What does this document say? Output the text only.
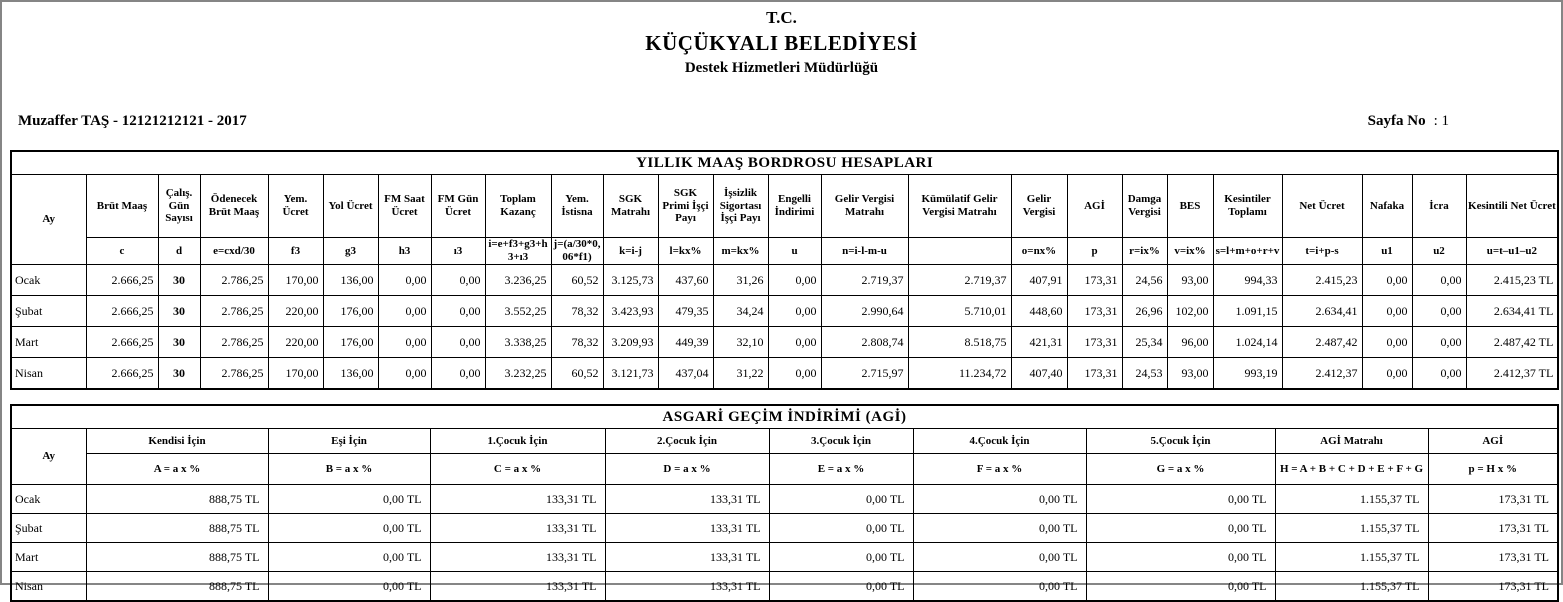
T.C.
KÜÇÜKYALI BELEDİYESİ
Destek Hizmetleri Müdürlüğü
Muzaffer TAŞ - 12121212121 - 2017	Sayfa No : 1
YILLIK MAAŞ BORDROSU HESAPLARI																								
Ay	Brüt Maaş	Çalış. Gün Sayısı	Ödenecek Brüt Maaş	Yem. Ücret	Yol Ücret	FM Saat Ücret	FM Gün Ücret	Toplam Kazanç	Yem. İstisna	SGK Matrahı	SGK Primi İşçi Payı	İşsizlik Sigortası İşçi Payı	Engelli İndirimi	Gelir Vergisi Matrahı	Kümülatif Gelir Vergisi Matrahı	Gelir Vergisi	AGİ	Damga Vergisi	BES	Kesintiler Toplamı	Net Ücret	Nafaka	İcra	Kesintili Net Ücret
	c	d	e=cxd/30	f3	g3	h3	ı3	i=e+f3+g3+h3+ı3	j=(a/30*0,06*f1)	k=i-j	l=kx%	m=kx%	u	n=i-l-m-u		o=nx%	p	r=ix%	v=ix%	s=l+m+o+r+v	t=i+p-s	u1	u2	u=t–u1–u2
Ocak	2.666,25	30	2.786,25	170,00	136,00	0,00	0,00	3.236,25	60,52	3.125,73	437,60	31,26	0,00	2.719,37	2.719,37	407,91	173,31	24,56	93,00	994,33	2.415,23	0,00	0,00	2.415,23 TL
Şubat	2.666,25	30	2.786,25	220,00	176,00	0,00	0,00	3.552,25	78,32	3.423,93	479,35	34,24	0,00	2.990,64	5.710,01	448,60	173,31	26,96	102,00	1.091,15	2.634,41	0,00	0,00	2.634,41 TL
Mart	2.666,25	30	2.786,25	220,00	176,00	0,00	0,00	3.338,25	78,32	3.209,93	449,39	32,10	0,00	2.808,74	8.518,75	421,31	173,31	25,34	96,00	1.024,14	2.487,42	0,00	0,00	2.487,42 TL
Nisan	2.666,25	30	2.786,25	170,00	136,00	0,00	0,00	3.232,25	60,52	3.121,73	437,04	31,22	0,00	2.715,97	11.234,72	407,40	173,31	24,53	93,00	993,19	2.412,37	0,00	0,00	2.412,37 TL
ASGARİ GEÇİM İNDİRİMİ (AGİ)									
Ay	Kendisi İçin	Eşi İçin	1.Çocuk İçin	2.Çocuk İçin	3.Çocuk İçin	4.Çocuk İçin	5.Çocuk İçin	AGİ Matrahı	AGİ
	A = a x %	B = a x %	C = a x %	D = a x %	E = a x %	F = a x %	G = a x %	H = A + B + C + D + E + F + G	p = H x %
Ocak	888,75 TL	0,00 TL	133,31 TL	133,31 TL	0,00 TL	0,00 TL	0,00 TL	1.155,37 TL	173,31 TL
Şubat	888,75 TL	0,00 TL	133,31 TL	133,31 TL	0,00 TL	0,00 TL	0,00 TL	1.155,37 TL	173,31 TL
Mart	888,75 TL	0,00 TL	133,31 TL	133,31 TL	0,00 TL	0,00 TL	0,00 TL	1.155,37 TL	173,31 TL
Nisan	888,75 TL	0,00 TL	133,31 TL	133,31 TL	0,00 TL	0,00 TL	0,00 TL	1.155,37 TL	173,31 TL
